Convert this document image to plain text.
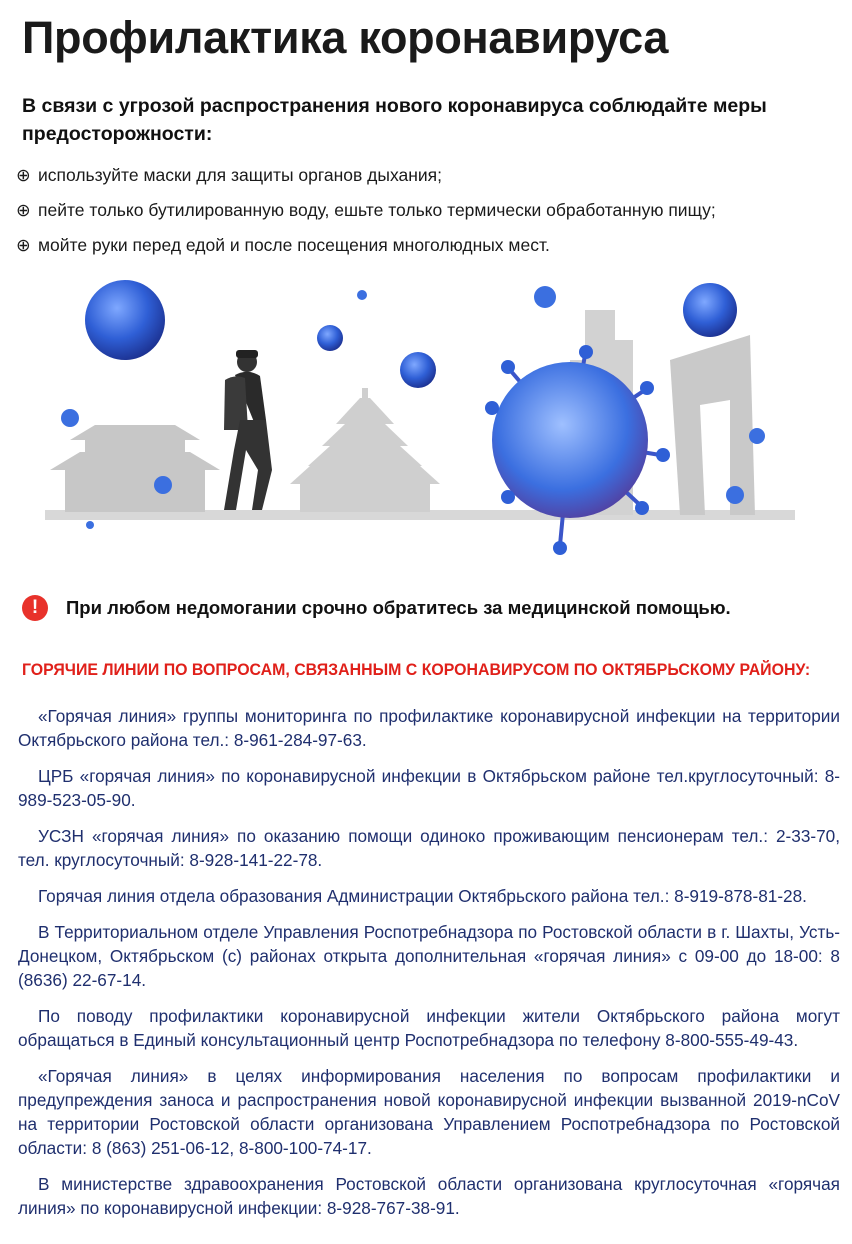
Профилактика коронавируса
В связи с угрозой распространения нового коронавируса соблюдайте меры предосторожности:
⊕ используйте маски для защиты органов дыхания;
⊕ пейте только бутилированную воду, ешьте только термически обработанную пищу;
⊕ мойте руки перед едой и после посещения многолюдных мест.
!	При любом недомогании срочно обратитесь за медицинской помощью.
ГОРЯЧИЕ ЛИНИИ ПО ВОПРОСАМ, СВЯЗАННЫМ С КОРОНАВИРУСОМ ПО ОКТЯБРЬСКОМУ РАЙОНУ:

«Горячая линия» группы мониторинга по профилактике коронавирусной инфекции на территории Октябрьского района тел.: 8-961-284-97-63.

ЦРБ «горячая линия» по коронавирусной инфекции в Октябрьском районе тел.круглосуточный: 8-989-523-05-90.

УСЗН «горячая линия» по оказанию помощи одиноко проживающим пенсионерам тел.: 2-33-70, тел. круглосуточный: 8-928-141-22-78.

Горячая линия отдела образования Администрации Октябрьского района тел.: 8-919-878-81-28.

В Территориальном отделе Управления Роспотребнадзора по Ростовской области в г. Шахты, Усть-Донецком, Октябрьском (с) районах открыта дополнительная «горячая линия» с 09-00 до 18-00: 8 (8636) 22-67-14.

По поводу профилактики коронавирусной инфекции жители Октябрьского района могут обращаться в Единый консультационный центр Роспотребнадзора по телефону 8-800-555-49-43.

«Горячая линия» в целях информирования населения по вопросам профилактики и предупреждения заноса и распространения новой коронавирусной инфекции вызванной 2019-nCoV на территории Ростовской области организована Управлением Роспотребнадзора по Ростовской области: 8 (863) 251-06-12, 8-800-100-74-17.

В министерстве здравоохранения Ростовской области организована круглосуточная «горячая линия» по коронавирусной инфекции: 8-928-767-38-91.
